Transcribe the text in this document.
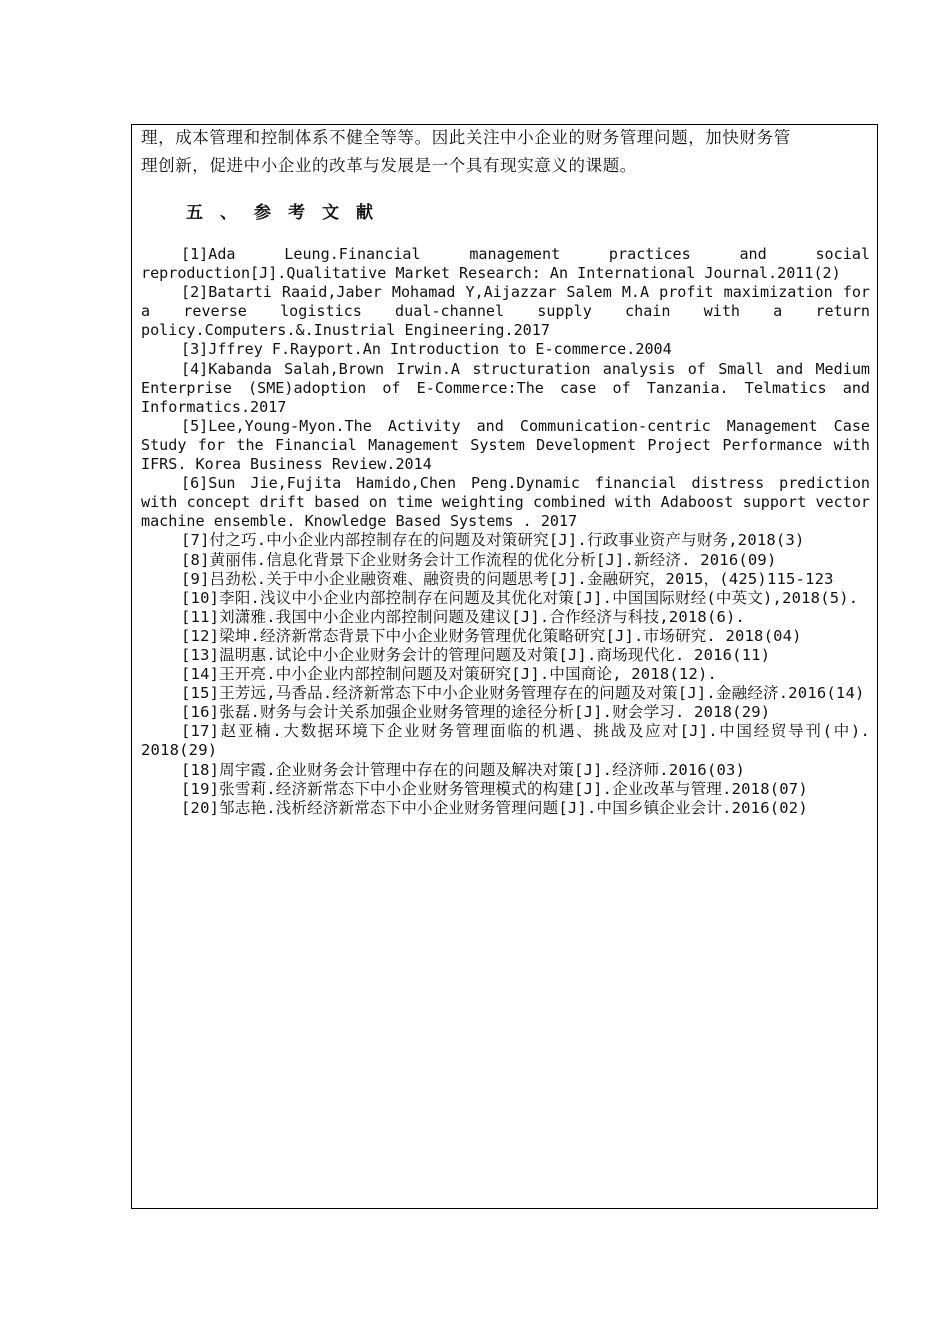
理，成本管理和控制体系不健全等等。因此关注中小企业的财务管理问题，加快财务管
理创新，促进中小企业的改革与发展是一个具有现实意义的课题。

五、参考文献
[1]Ada Leung.Financial management practices and social reproduction[J].Qualitative Market Research: An International Journal.2011(2)
[2]Batarti Raaid,Jaber Mohamad Y,Aijazzar Salem M.A profit maximization for a reverse logistics dual-channel supply chain with a return policy.Computers.&.Inustrial Engineering.2017
[3]Jffrey F.Rayport.An Introduction to E-commerce.2004
[4]Kabanda Salah,Brown Irwin.A structuration analysis of Small and Medium Enterprise (SME)adoption of E-Commerce:The case of Tanzania. Telmatics and Informatics.2017
[5]Lee,Young-Myon.The Activity and Communication-centric Management Case Study for the Financial Management System Development Project Performance with IFRS. Korea Business Review.2014
[6]Sun Jie,Fujita Hamido,Chen Peng.Dynamic financial distress prediction with concept drift based on time weighting combined with Adaboost support vector machine ensemble. Knowledge Based Systems . 2017
[7]付之巧.中小企业内部控制存在的问题及对策研究[J].行政事业资产与财务,2018(3)
[8]黄丽伟.信息化背景下企业财务会计工作流程的优化分析[J].新经济. 2016(09)
[9]吕劲松.关于中小企业融资难、融资贵的问题思考[J].金融研究，2015，(425)115-123
[10]李阳.浅议中小企业内部控制存在问题及其优化对策[J].中国国际财经(中英文),2018(5).
[11]刘潇雅.我国中小企业内部控制问题及建议[J].合作经济与科技,2018(6).
[12]梁坤.经济新常态背景下中小企业财务管理优化策略研究[J].市场研究. 2018(04)
[13]温明惠.试论中小企业财务会计的管理问题及对策[J].商场现代化. 2016(11)
[14]王开亮.中小企业内部控制问题及对策研究[J].中国商论, 2018(12).
[15]王芳远,马香品.经济新常态下中小企业财务管理存在的问题及对策[J].金融经济.2016(14)
[16]张磊.财务与会计关系加强企业财务管理的途径分析[J].财会学习. 2018(29)
[17]赵亚楠.大数据环境下企业财务管理面临的机遇、挑战及应对[J].中国经贸导刊(中). 2018(29)
[18]周宇霞.企业财务会计管理中存在的问题及解决对策[J].经济师.2016(03)
[19]张雪莉.经济新常态下中小企业财务管理模式的构建[J].企业改革与管理.2018(07)
[20]邹志艳.浅析经济新常态下中小企业财务管理问题[J].中国乡镇企业会计.2016(02)
